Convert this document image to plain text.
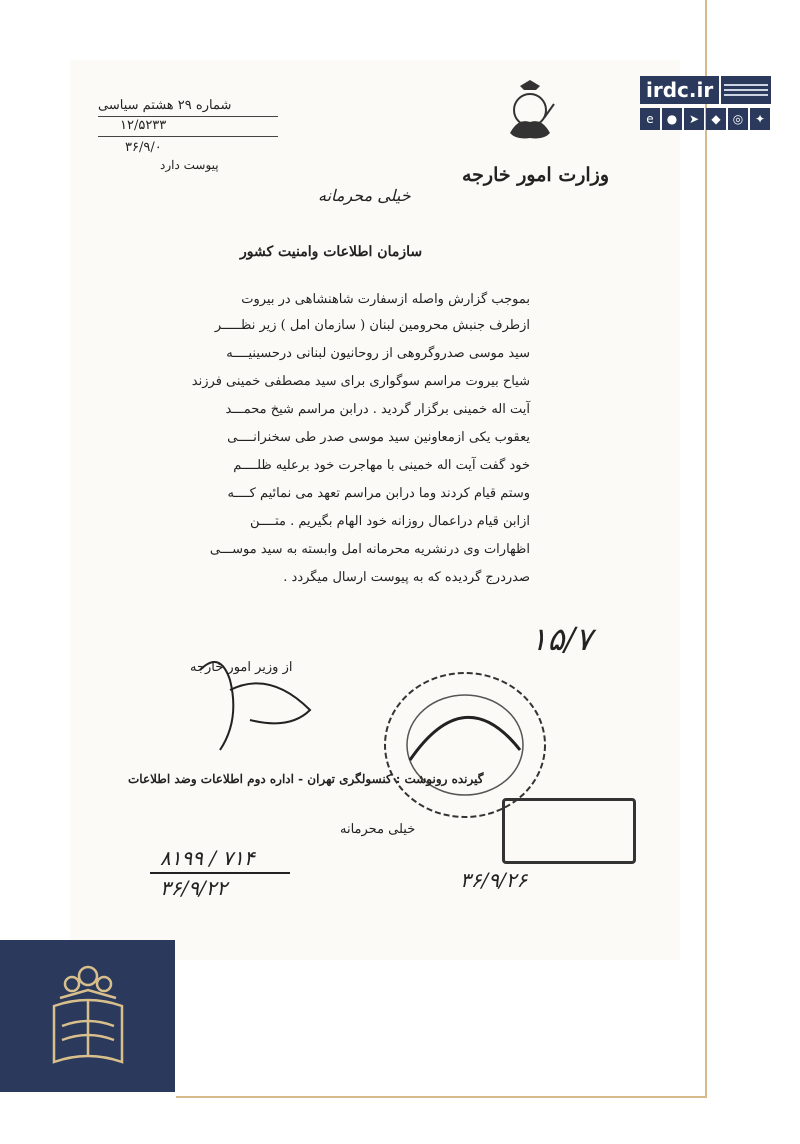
شماره ۲۹ هشتم سیاسی
۱۲/۵۲۳۳
۳۶/۹/۰
پیوست دارد	وزارت امور خارجه
خیلی محرمانه
سازمان اطلاعات وامنیت کشور
بموجب گزارش واصله ازسفارت شاهنشاهی در بیروت
ازطرف جنبش محرومین لبنان ( سازمان امل ) زیر نظـــــر
سید موسی صدروگروهی از روحانیون لبنانی درحسینیــــه
شیاح بیروت مراسم سوگواری برای سید مصطفی خمینی فرزند
آیت اله خمینی برگزار گردید . درابن مراسم شیخ محمـــد
یعقوب یکی ازمعاونین سید موسی صدر طی سخنرانــــی
خود گفت آیت اله خمینی با مهاجرت خود برعلیه ظلــــم
وستم قیام کردند وما درابن مراسم تعهد می نمائیم کــــه
ازابن قیام دراعمال روزانه خود الهام بگیریم . متــــن
اظهارات وی درنشریه محرمانه امل وابسته به سید موســـی
صدردرج گردیده که به پیوست ارسال میگردد .
۱۵/۷
از وزیر امور خارجه
گیرنده رونوشت : کنسولگری تهران - اداره دوم اطلاعات وضد اطلاعات
خیلی محرمانه
۷۱۴ / ۸۱۹۹
۳۶/۹/۲۲	۳۶/۹/۲۶
irdc.ir
e	● ➤	◆	◎ ✦
